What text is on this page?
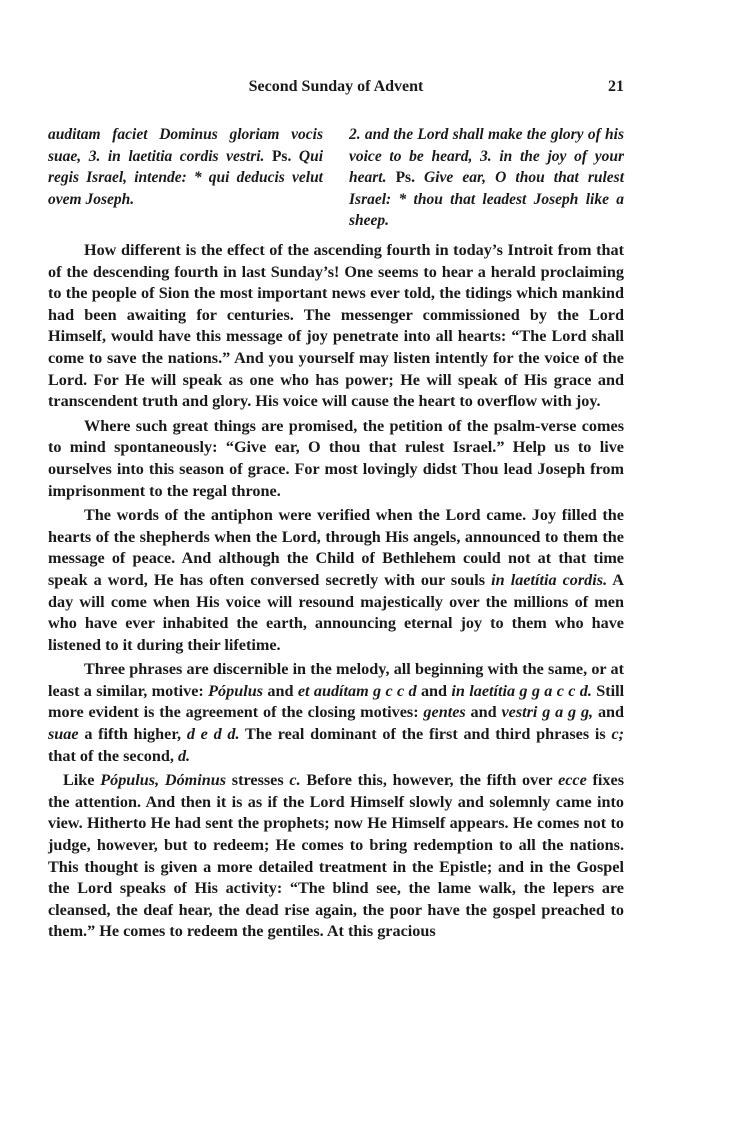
Second Sunday of Advent	21

auditam faciet Dominus gloriam vocis suae, 3. in laetitia cordis vestri. Ps. Qui regis Israel, intende: * qui deducis velut ovem Joseph.

2. and the Lord shall make the glory of his voice to be heard, 3. in the joy of your heart. Ps. Give ear, O thou that rulest Israel: * thou that leadest Joseph like a sheep.

How different is the effect of the ascending fourth in today’s Introit from that of the descending fourth in last Sunday’s! One seems to hear a herald proclaiming to the people of Sion the most important news ever told, the tidings which mankind had been awaiting for centuries. The messenger commissioned by the Lord Himself, would have this message of joy penetrate into all hearts: “The Lord shall come to save the nations.” And you yourself may listen intently for the voice of the Lord. For He will speak as one who has power; He will speak of His grace and transcendent truth and glory. His voice will cause the heart to overflow with joy.

Where such great things are promised, the petition of the psalm-verse comes to mind spontaneously: “Give ear, O thou that rulest Israel.” Help us to live ourselves into this season of grace. For most lovingly didst Thou lead Joseph from imprisonment to the regal throne.

The words of the antiphon were verified when the Lord came. Joy filled the hearts of the shepherds when the Lord, through His angels, announced to them the message of peace. And although the Child of Bethlehem could not at that time speak a word, He has often conversed secretly with our souls in laetítia cordis. A day will come when His voice will resound majestically over the millions of men who have ever inhabited the earth, announcing eternal joy to them who have listened to it during their lifetime.

Three phrases are discernible in the melody, all beginning with the same, or at least a similar, motive: Pópulus and et audítam g c c d and in laetítia g g a c c d. Still more evident is the agreement of the closing motives: gentes and vestri g a g g, and suae a fifth higher, d e d d. The real dominant of the first and third phrases is c; that of the second, d.

Like Pópulus, Dóminus stresses c. Before this, however, the fifth over ecce fixes the attention. And then it is as if the Lord Himself slowly and solemnly came into view. Hitherto He had sent the prophets; now He Himself appears. He comes not to judge, however, but to redeem; He comes to bring redemption to all the nations. This thought is given a more detailed treatment in the Epistle; and in the Gospel the Lord speaks of His activity: “The blind see, the lame walk, the lepers are cleansed, the deaf hear, the dead rise again, the poor have the gospel preached to them.” He comes to redeem the gentiles. At this gracious
